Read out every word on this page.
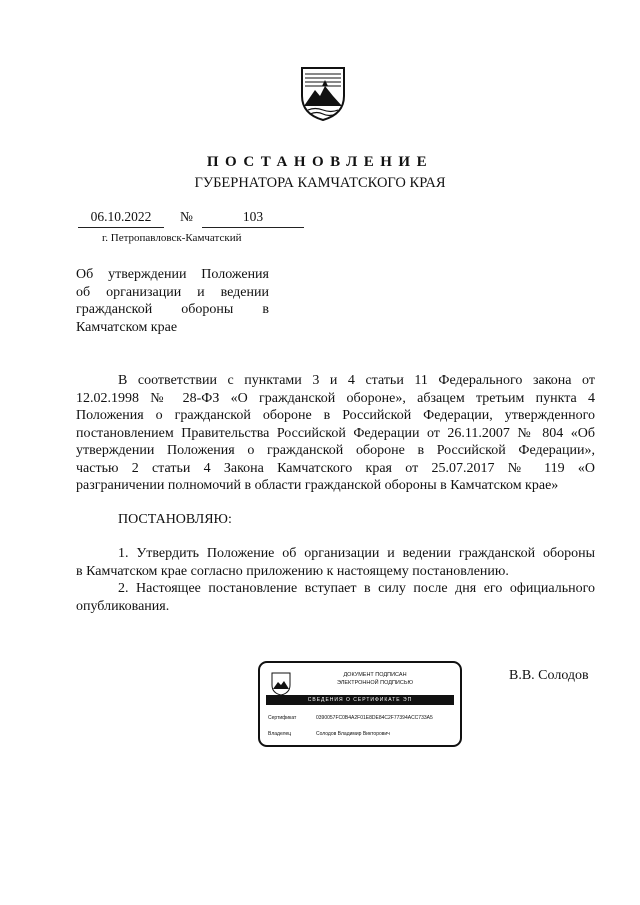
ПОСТАНОВЛЕНИЕ
ГУБЕРНАТОРА КАМЧАТСКОГО КРАЯ
06.10.2022	№	103
г. Петропавловск-Камчатский
Об утверждении Положения
об организации и ведении
гражданской обороны в
Камчатском крае
В соответствии с пунктами 3 и 4 статьи 11 Федерального закона от
12.02.1998 № 28-ФЗ «О гражданской обороне», абзацем третьим пункта 4
Положения о гражданской обороне в Российской Федерации, утвержденного
постановлением Правительства Российской Федерации от 26.11.2007 № 804 «Об
утверждении Положения о гражданской обороне в Российской Федерации»,
частью 2 статьи 4 Закона Камчатского края от 25.07.2017 № 119 «О
разграничении полномочий в области гражданской обороны в Камчатском крае»
ПОСТАНОВЛЯЮ:
1. Утвердить Положение об организации и ведении гражданской обороны
в Камчатском крае согласно приложению к настоящему постановлению.
2. Настоящее постановление вступает в силу после дня его официального
опубликования.
ДОКУМЕНТ ПОДПИСАН
ЭЛЕКТРОННОЙ ПОДПИСЬЮ
СВЕДЕНИЯ О СЕРТИФИКАТЕ ЭП
Сертификат	0390057FC0B4A2F01E8DE84C2F77394ACC733A5
Владелец	Солодов Владимир Викторович
В.В. Солодов
